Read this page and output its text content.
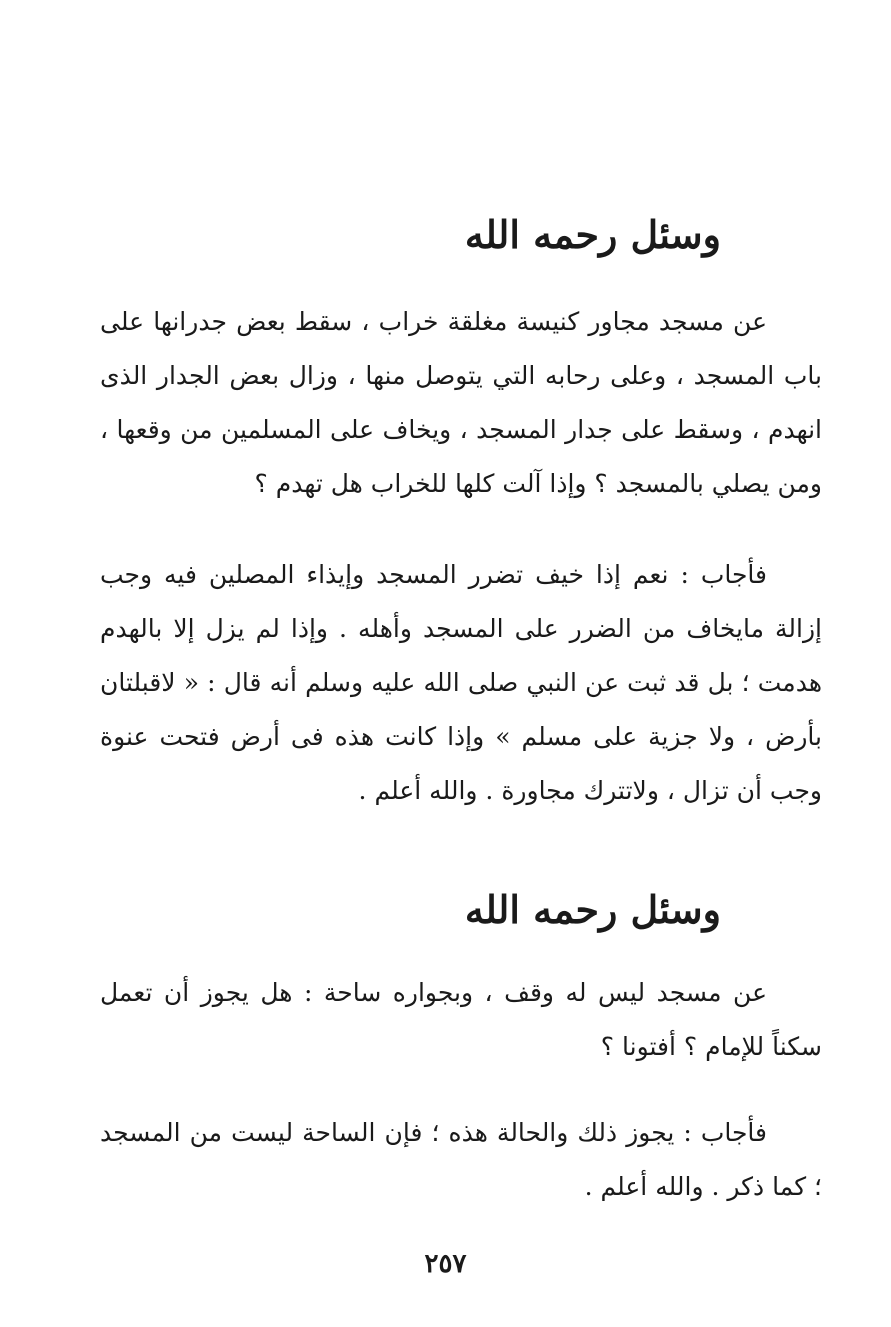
وسئل رحمه الله

عن مسجد مجاور كنيسة مغلقة خراب ، سقط بعض جدرانها على باب المسجد ، وعلى رحابه التي يتوصل منها ، وزال بعض الجدار الذى انهدم ، وسقط على جدار المسجد ، ويخاف على المسلمين من وقعها ، ومن يصلي بالمسجد ؟ وإذا آلت كلها للخراب هل تهدم ؟

فأجاب : نعم إذا خيف تضرر المسجد وإيذاء المصلين فيه وجب إزالة مايخاف من الضرر على المسجد وأهله . وإذا لم يزل إلا بالهدم هدمت ؛ بل قد ثبت عن النبي صلى الله عليه وسلم أنه قال : « لاقبلتان بأرض ، ولا جزية على مسلم » وإذا كانت هذه فى أرض فتحت عنوة وجب أن تزال ، ولاتترك مجاورة . والله أعلم .

وسئل رحمه الله

عن مسجد ليس له وقف ، وبجواره ساحة : هل يجوز أن تعمل سكناً للإمام ؟ أفتونا ؟

فأجاب : يجوز ذلك والحالة هذه ؛ فإن الساحة ليست من المسجد ؛ كما ذكر . والله أعلم .

٢٥٧
